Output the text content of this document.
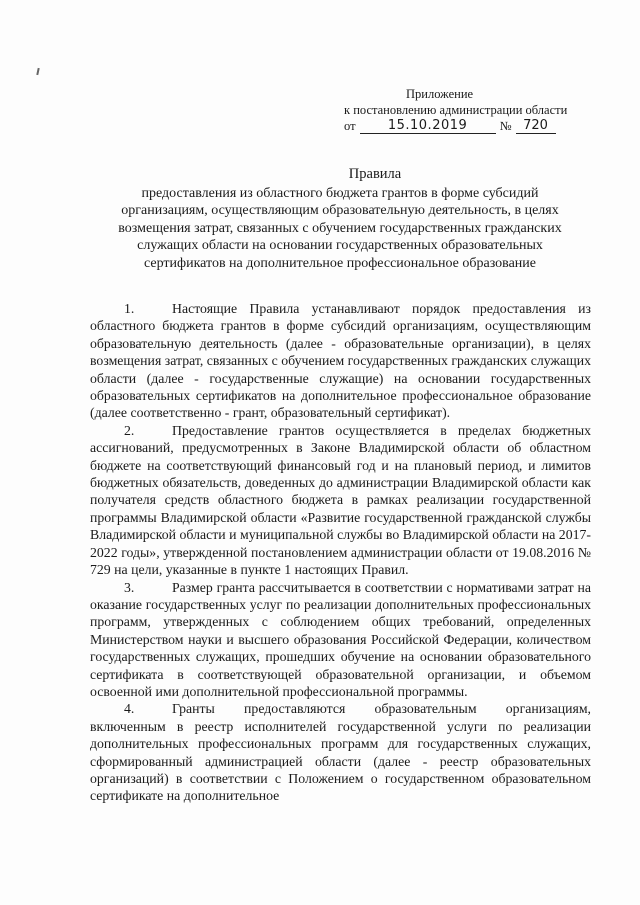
Приложение
к постановлению администрации области
от	15.10.2019	№ 720
Правила
предоставления из областного бюджета грантов в форме субсидий организациям, осуществляющим образовательную деятельность, в целях возмещения затрат, связанных с обучением государственных гражданских служащих области на основании государственных образовательных сертификатов на дополнительное профессиональное образование

1.	Настоящие Правила устанавливают порядок предоставления из областного бюджета грантов в форме субсидий организациям, осуществляющим образовательную деятельность (далее - образовательные организации), в целях возмещения затрат, связанных с обучением государственных гражданских служащих области (далее - государственные служащие) на основании государственных образовательных сертификатов на дополнительное профессиональное образование (далее соответственно - грант, образовательный сертификат).

2.	Предоставление грантов осуществляется в пределах бюджетных ассигнований, предусмотренных в Законе Владимирской области об областном бюджете на соответствующий финансовый год и на плановый период, и лимитов бюджетных обязательств, доведенных до администрации Владимирской области как получателя средств областного бюджета в рамках реализации государственной программы Владимирской области «Развитие государственной гражданской службы Владимирской области и муниципальной службы во Владимирской области на 2017-2022 годы», утвержденной постановлением администрации области от 19.08.2016 № 729 на цели, указанные в пункте 1 настоящих Правил.

3.	Размер гранта рассчитывается в соответствии с нормативами затрат на оказание государственных услуг по реализации дополнительных профессиональных программ, утвержденных с соблюдением общих требований, определенных Министерством науки и высшего образования Российской Федерации, количеством государственных служащих, прошедших обучение на основании образовательного сертификата в соответствующей образовательной организации, и объемом освоенной ими дополнительной профессиональной программы.

4.	Гранты предоставляются образовательным организациям, включенным в реестр исполнителей государственной услуги по реализации дополнительных профессиональных программ для государственных служащих, сформированный администрацией области (далее - реестр образовательных организаций) в соответствии с Положением о государственном образовательном сертификате на дополнительное
